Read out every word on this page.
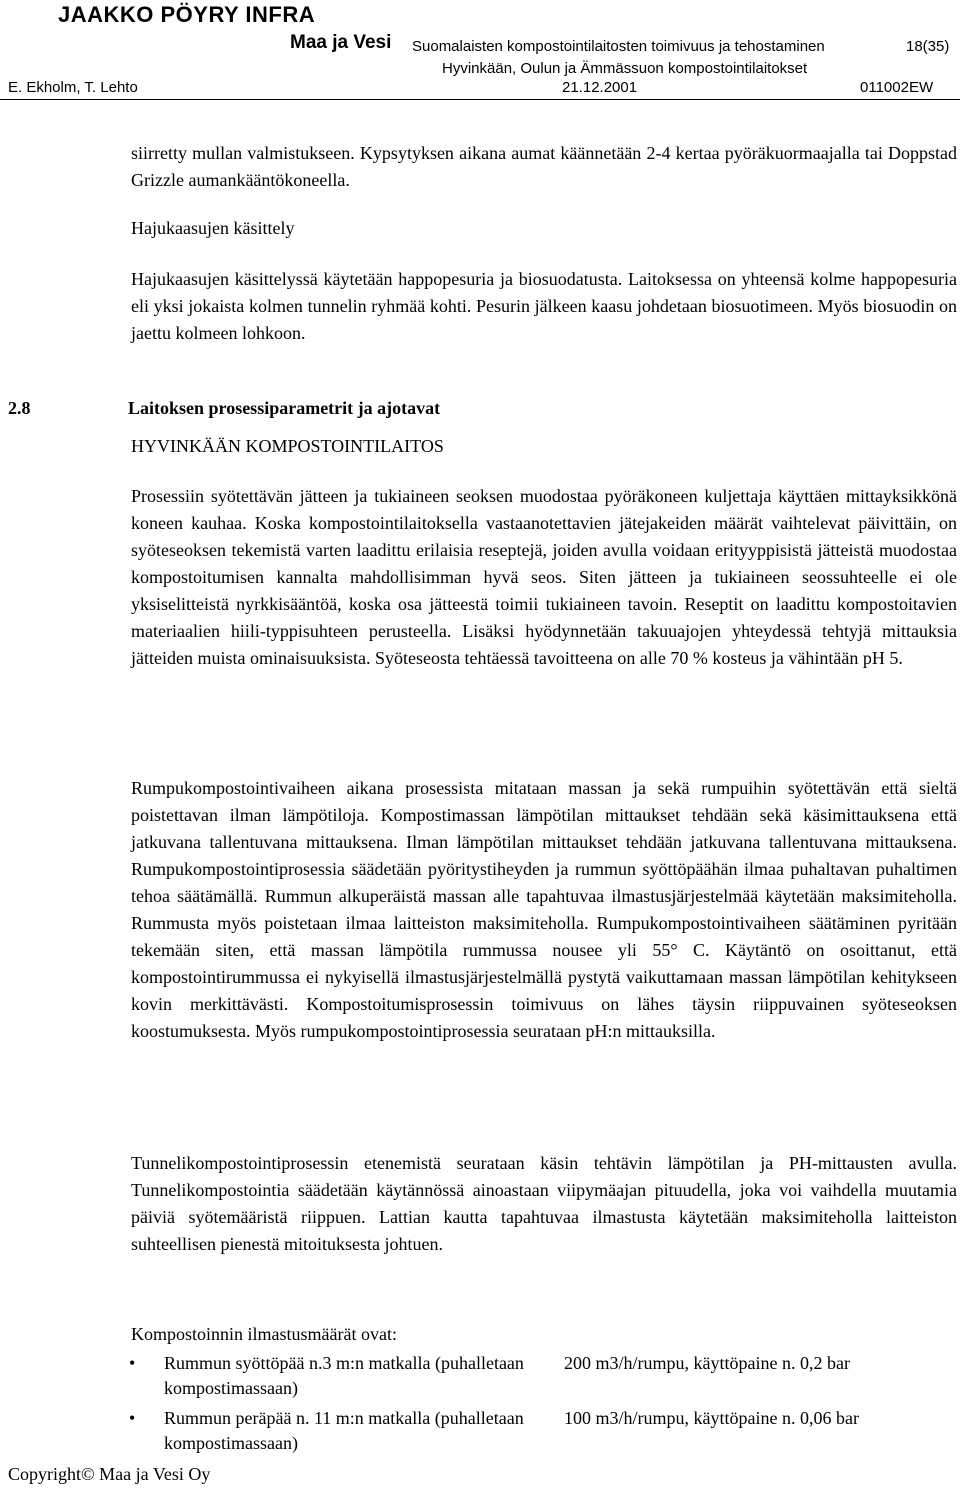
JAAKKO PÖYRY INFRA
Maa ja Vesi Suomalaisten kompostointilaitosten toimivuus ja tehostaminen	18(35)
Hyvinkään, Oulun ja Ämmässuon kompostointilaitokset
E. Ekholm, T. Lehto	21.12.2001	011002EW

siirretty mullan valmistukseen. Kypsytyksen aikana aumat käännetään 2-4 kertaa pyöräkuormaajalla tai Doppstad Grizzle aumankääntökoneella.

Hajukaasujen käsittely

Hajukaasujen käsittelyssä käytetään happopesuria ja biosuodatusta. Laitoksessa on yhteensä kolme happopesuria eli yksi jokaista kolmen tunnelin ryhmää kohti. Pesurin jälkeen kaasu johdetaan biosuotimeen. Myös biosuodin on jaettu kolmeen lohkoon.

2.8	Laitoksen prosessiparametrit ja ajotavat
HYVINKÄÄN KOMPOSTOINTILAITOS

Prosessiin syötettävän jätteen ja tukiaineen seoksen muodostaa pyöräkoneen kuljettaja käyttäen mittayksikkönä koneen kauhaa. Koska kompostointilaitoksella vastaanotettavien jätejakeiden määrät vaihtelevat päivittäin, on syöteseoksen tekemistä varten laadittu erilaisia reseptejä, joiden avulla voidaan erityyppisistä jätteistä muodostaa kompostoitumisen kannalta mahdollisimman hyvä seos. Siten jätteen ja tukiaineen seossuhteelle ei ole yksiselitteistä nyrkkisääntöä, koska osa jätteestä toimii tukiaineen tavoin. Reseptit on laadittu kompostoitavien materiaalien hiili-typpisuhteen perusteella. Lisäksi hyödynnetään takuuajojen yhteydessä tehtyjä mittauksia jätteiden muista ominaisuuksista. Syöteseosta tehtäessä tavoitteena on alle 70 % kosteus ja vähintään pH 5.

Rumpukompostointivaiheen aikana prosessista mitataan massan ja sekä rumpuihin syötettävän että sieltä poistettavan ilman lämpötiloja. Kompostimassan lämpötilan mittaukset tehdään sekä käsimittauksena että jatkuvana tallentuvana mittauksena. Ilman lämpötilan mittaukset tehdään jatkuvana tallentuvana mittauksena. Rumpukompostointiprosessia säädetään pyöritystiheyden ja rummun syöttöpäähän ilmaa puhaltavan puhaltimen tehoa säätämällä. Rummun alkuperäistä massan alle tapahtuvaa ilmastusjärjestelmää käytetään maksimiteholla. Rummusta myös poistetaan ilmaa laitteiston maksimiteholla. Rumpukompostointivaiheen säätäminen pyritään tekemään siten, että massan lämpötila rummussa nousee yli 55° C. Käytäntö on osoittanut, että kompostointirummussa ei nykyisellä ilmastusjärjestelmällä pystytä vaikuttamaan massan lämpötilan kehitykseen kovin merkittävästi. Kompostoitumisprosessin toimivuus on lähes täysin riippuvainen syöteseoksen koostumuksesta. Myös rumpukompostointiprosessia seurataan pH:n mittauksilla.

Tunnelikompostointiprosessin etenemistä seurataan käsin tehtävin lämpötilan ja PH-mittausten avulla. Tunnelikompostointia säädetään käytännössä ainoastaan viipymäajan pituudella, joka voi vaihdella muutamia päiviä syötemääristä riippuen. Lattian kautta tapahtuvaa ilmastusta käytetään maksimiteholla laitteiston suhteellisen pienestä mitoituksesta johtuen.

Kompostoinnin ilmastusmäärät ovat:
• Rummun syöttöpää n.3 m:n matkalla (puhalletaan kompostimassaan)
200 m3/h/rumpu, käyttöpaine n. 0,2 bar
• Rummun peräpää n. 11 m:n matkalla (puhalletaan kompostimassaan)
100 m3/h/rumpu, käyttöpaine n. 0,06 bar
Copyright© Maa ja Vesi Oy
